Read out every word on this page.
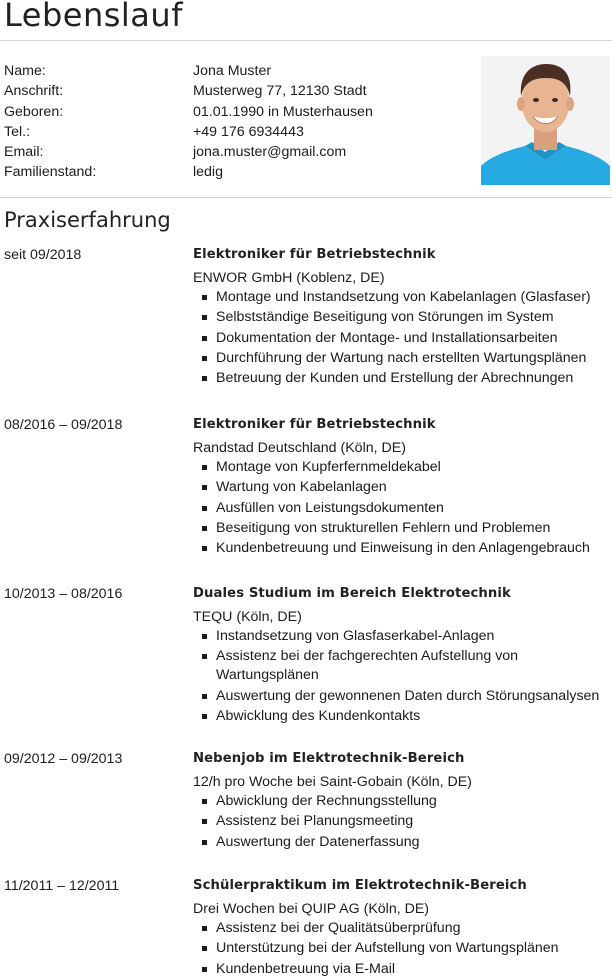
Lebenslauf
Name:	Jona Muster
Anschrift:	Musterweg 77, 12130 Stadt
Geboren:	01.01.1990 in Musterhausen
Tel.:	+49 176 6934443
Email:	jona.muster@gmail.com
Familienstand:	ledig
Praxiserfahrung
seit 09/2018	Elektroniker für Betriebstechnik
ENWOR GmbH (Koblenz, DE)
Montage und Instandsetzung von Kabelanlagen (Glasfaser)
Selbstständige Beseitigung von Störungen im System
Dokumentation der Montage- und Installationsarbeiten
Durchführung der Wartung nach erstellten Wartungsplänen
Betreuung der Kunden und Erstellung der Abrechnungen
08/2016 – 09/2018	Elektroniker für Betriebstechnik
Randstad Deutschland (Köln, DE)
Montage von Kupferfernmeldekabel
Wartung von Kabelanlagen
Ausfüllen von Leistungsdokumenten
Beseitigung von strukturellen Fehlern und Problemen
Kundenbetreuung und Einweisung in den Anlagengebrauch
10/2013 – 08/2016	Duales Studium im Bereich Elektrotechnik
TEQU (Köln, DE)
Instandsetzung von Glasfaserkabel-Anlagen
Assistenz bei der fachgerechten Aufstellung von Wartungsplänen
Auswertung der gewonnenen Daten durch Störungsanalysen
Abwicklung des Kundenkontakts
09/2012 – 09/2013	Nebenjob im Elektrotechnik-Bereich
12/h pro Woche bei Saint-Gobain (Köln, DE)
Abwicklung der Rechnungsstellung
Assistenz bei Planungsmeeting
Auswertung der Datenerfassung
11/2011 – 12/2011	Schülerpraktikum im Elektrotechnik-Bereich
Drei Wochen bei QUIP AG (Köln, DE)
Assistenz bei der Qualitätsüberprüfung
Unterstützung bei der Aufstellung von Wartungsplänen
Kundenbetreuung via E-Mail
